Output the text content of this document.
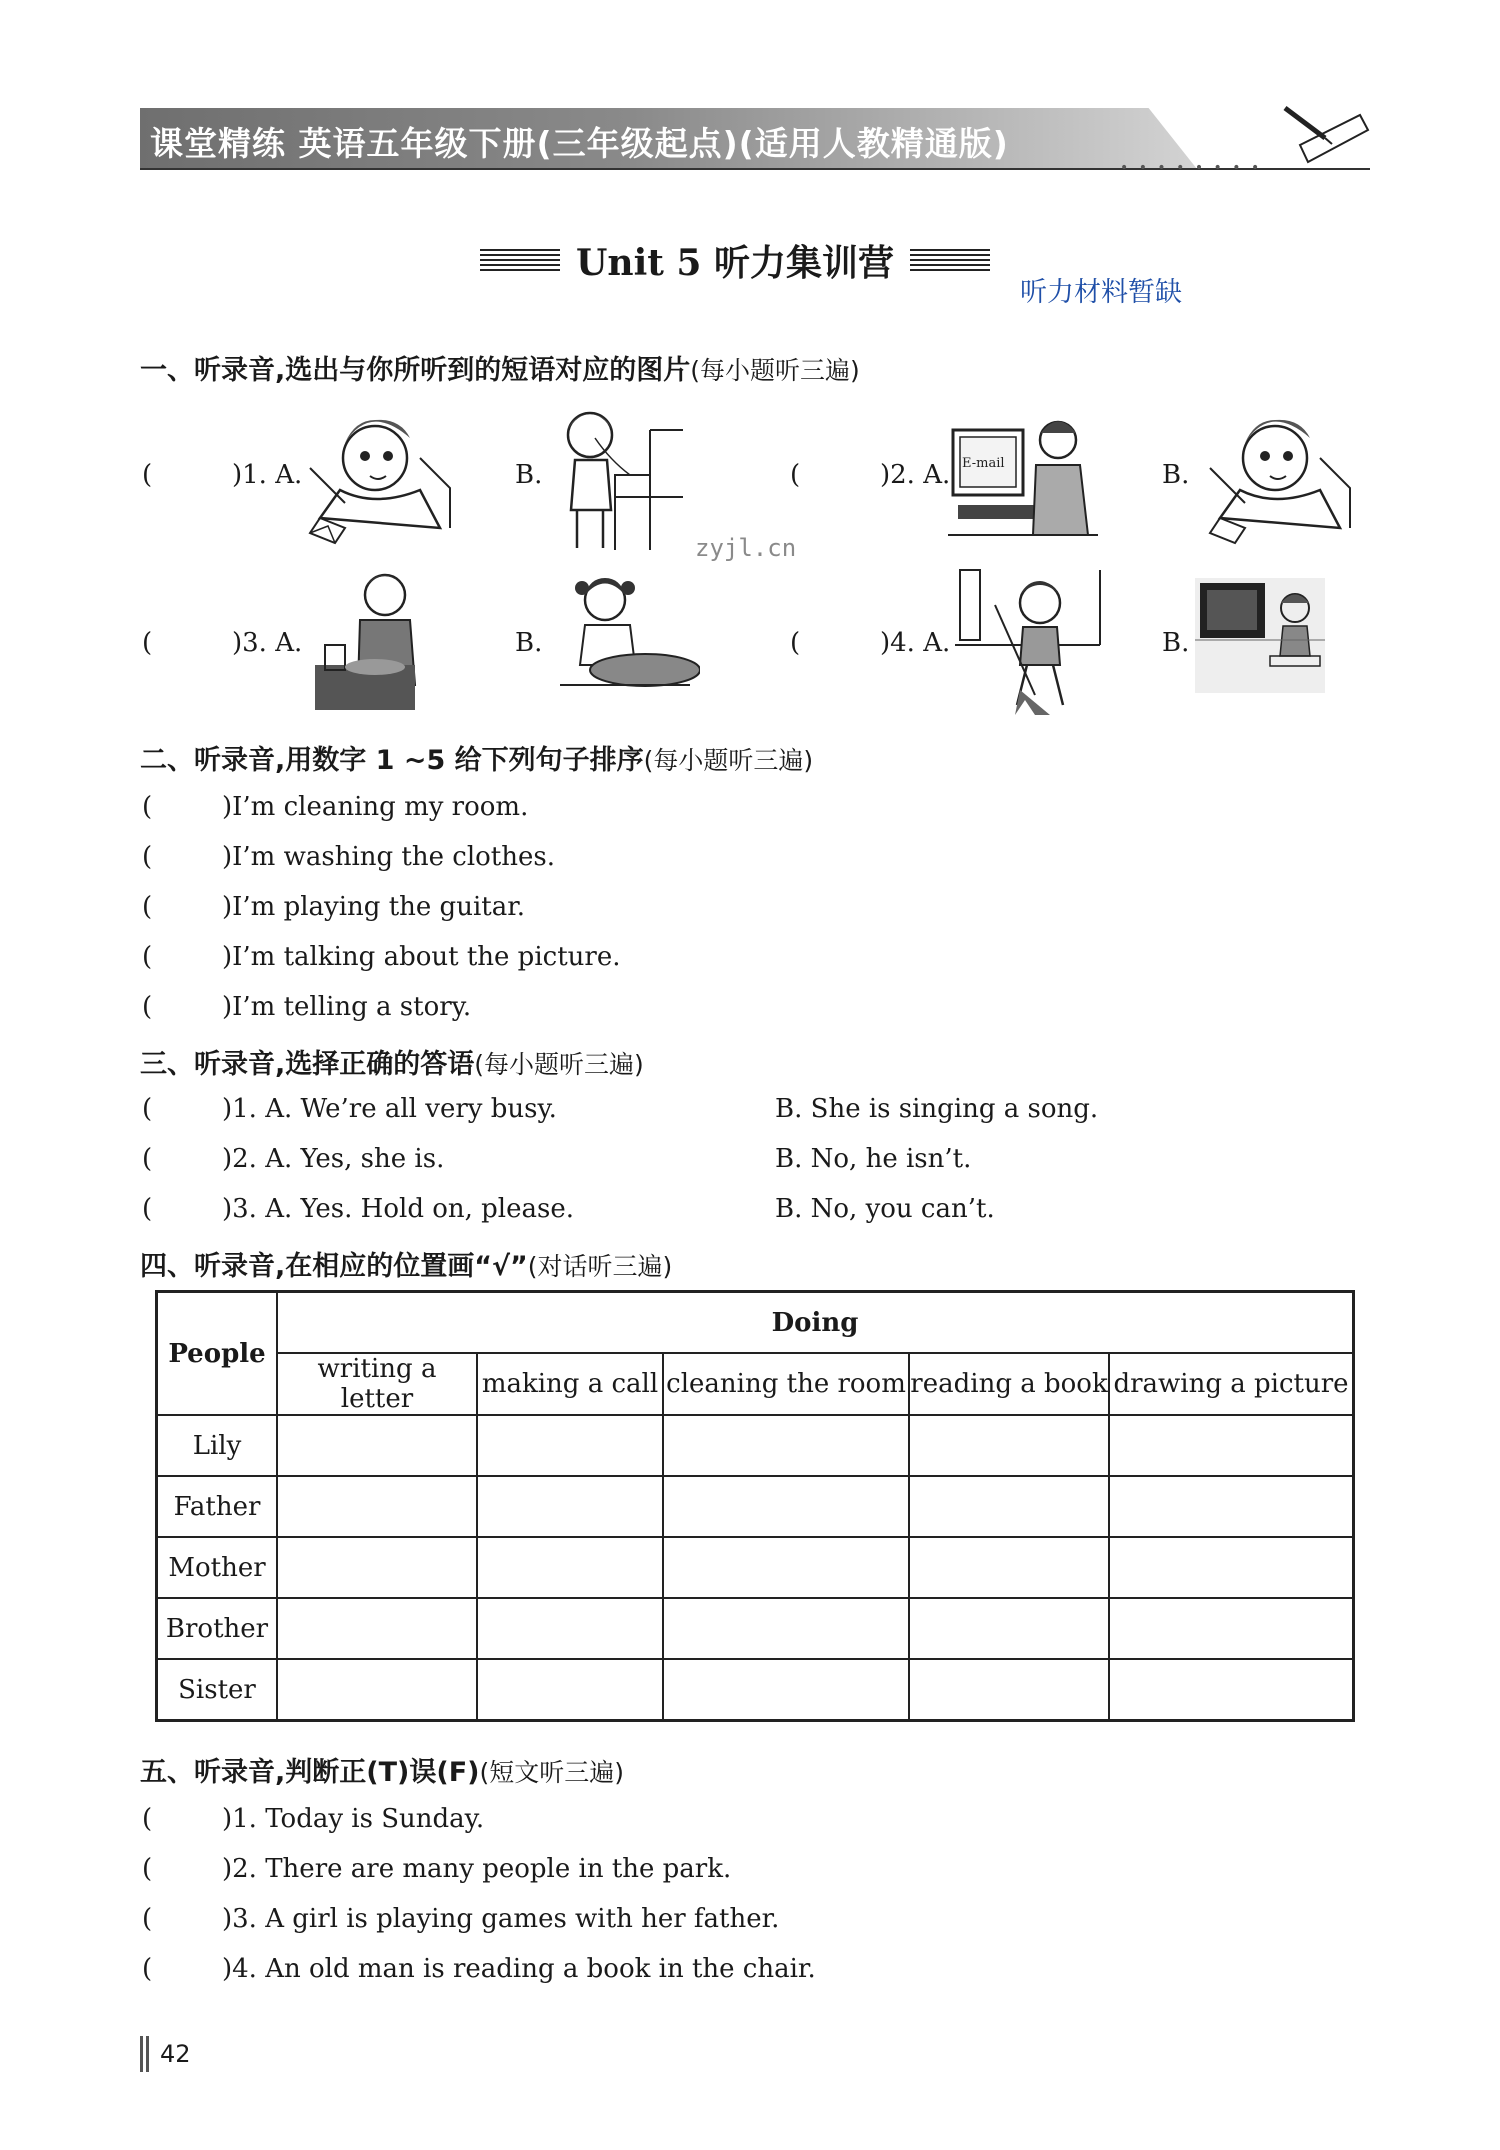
课堂精练 英语五年级下册(三年级起点)(适用人教精通版)
• • • • • • • •
Unit 5 听力集训营
听力材料暂缺
一、听录音,选出与你所听到的短语对应的图片(每小题听三遍)
(	)1. A.	B.	(	)2. A. E-mail	B.
zyjl.cn
(	)3. A.	B.	(	)4. A.	B.
二、听录音,用数字 1 ~5 给下列句子排序(每小题听三遍)
(	)I’m cleaning my room.
(	)I’m washing the clothes.
(	)I’m playing the guitar.
(	)I’m talking about the picture.
(	)I’m telling a story.
三、听录音,选择正确的答语(每小题听三遍)
(	)1. A. We’re all very busy.	B. She is singing a song.
(	)2. A. Yes, she is.	B. No, he isn’t.
(	)3. A. Yes. Hold on, please.	B. No, you can’t.
四、听录音,在相应的位置画“√”(对话听三遍)
People	Doing				
	writing a letter	making a call	cleaning the room	reading a book	drawing a picture
Lily					
Father					
Mother					
Brother					
Sister					
五、听录音,判断正(T)误(F)(短文听三遍)
(	)1. Today is Sunday.
(	)2. There are many people in the park.
(	)3. A girl is playing games with her father.
(	)4. An old man is reading a book in the chair.
42
